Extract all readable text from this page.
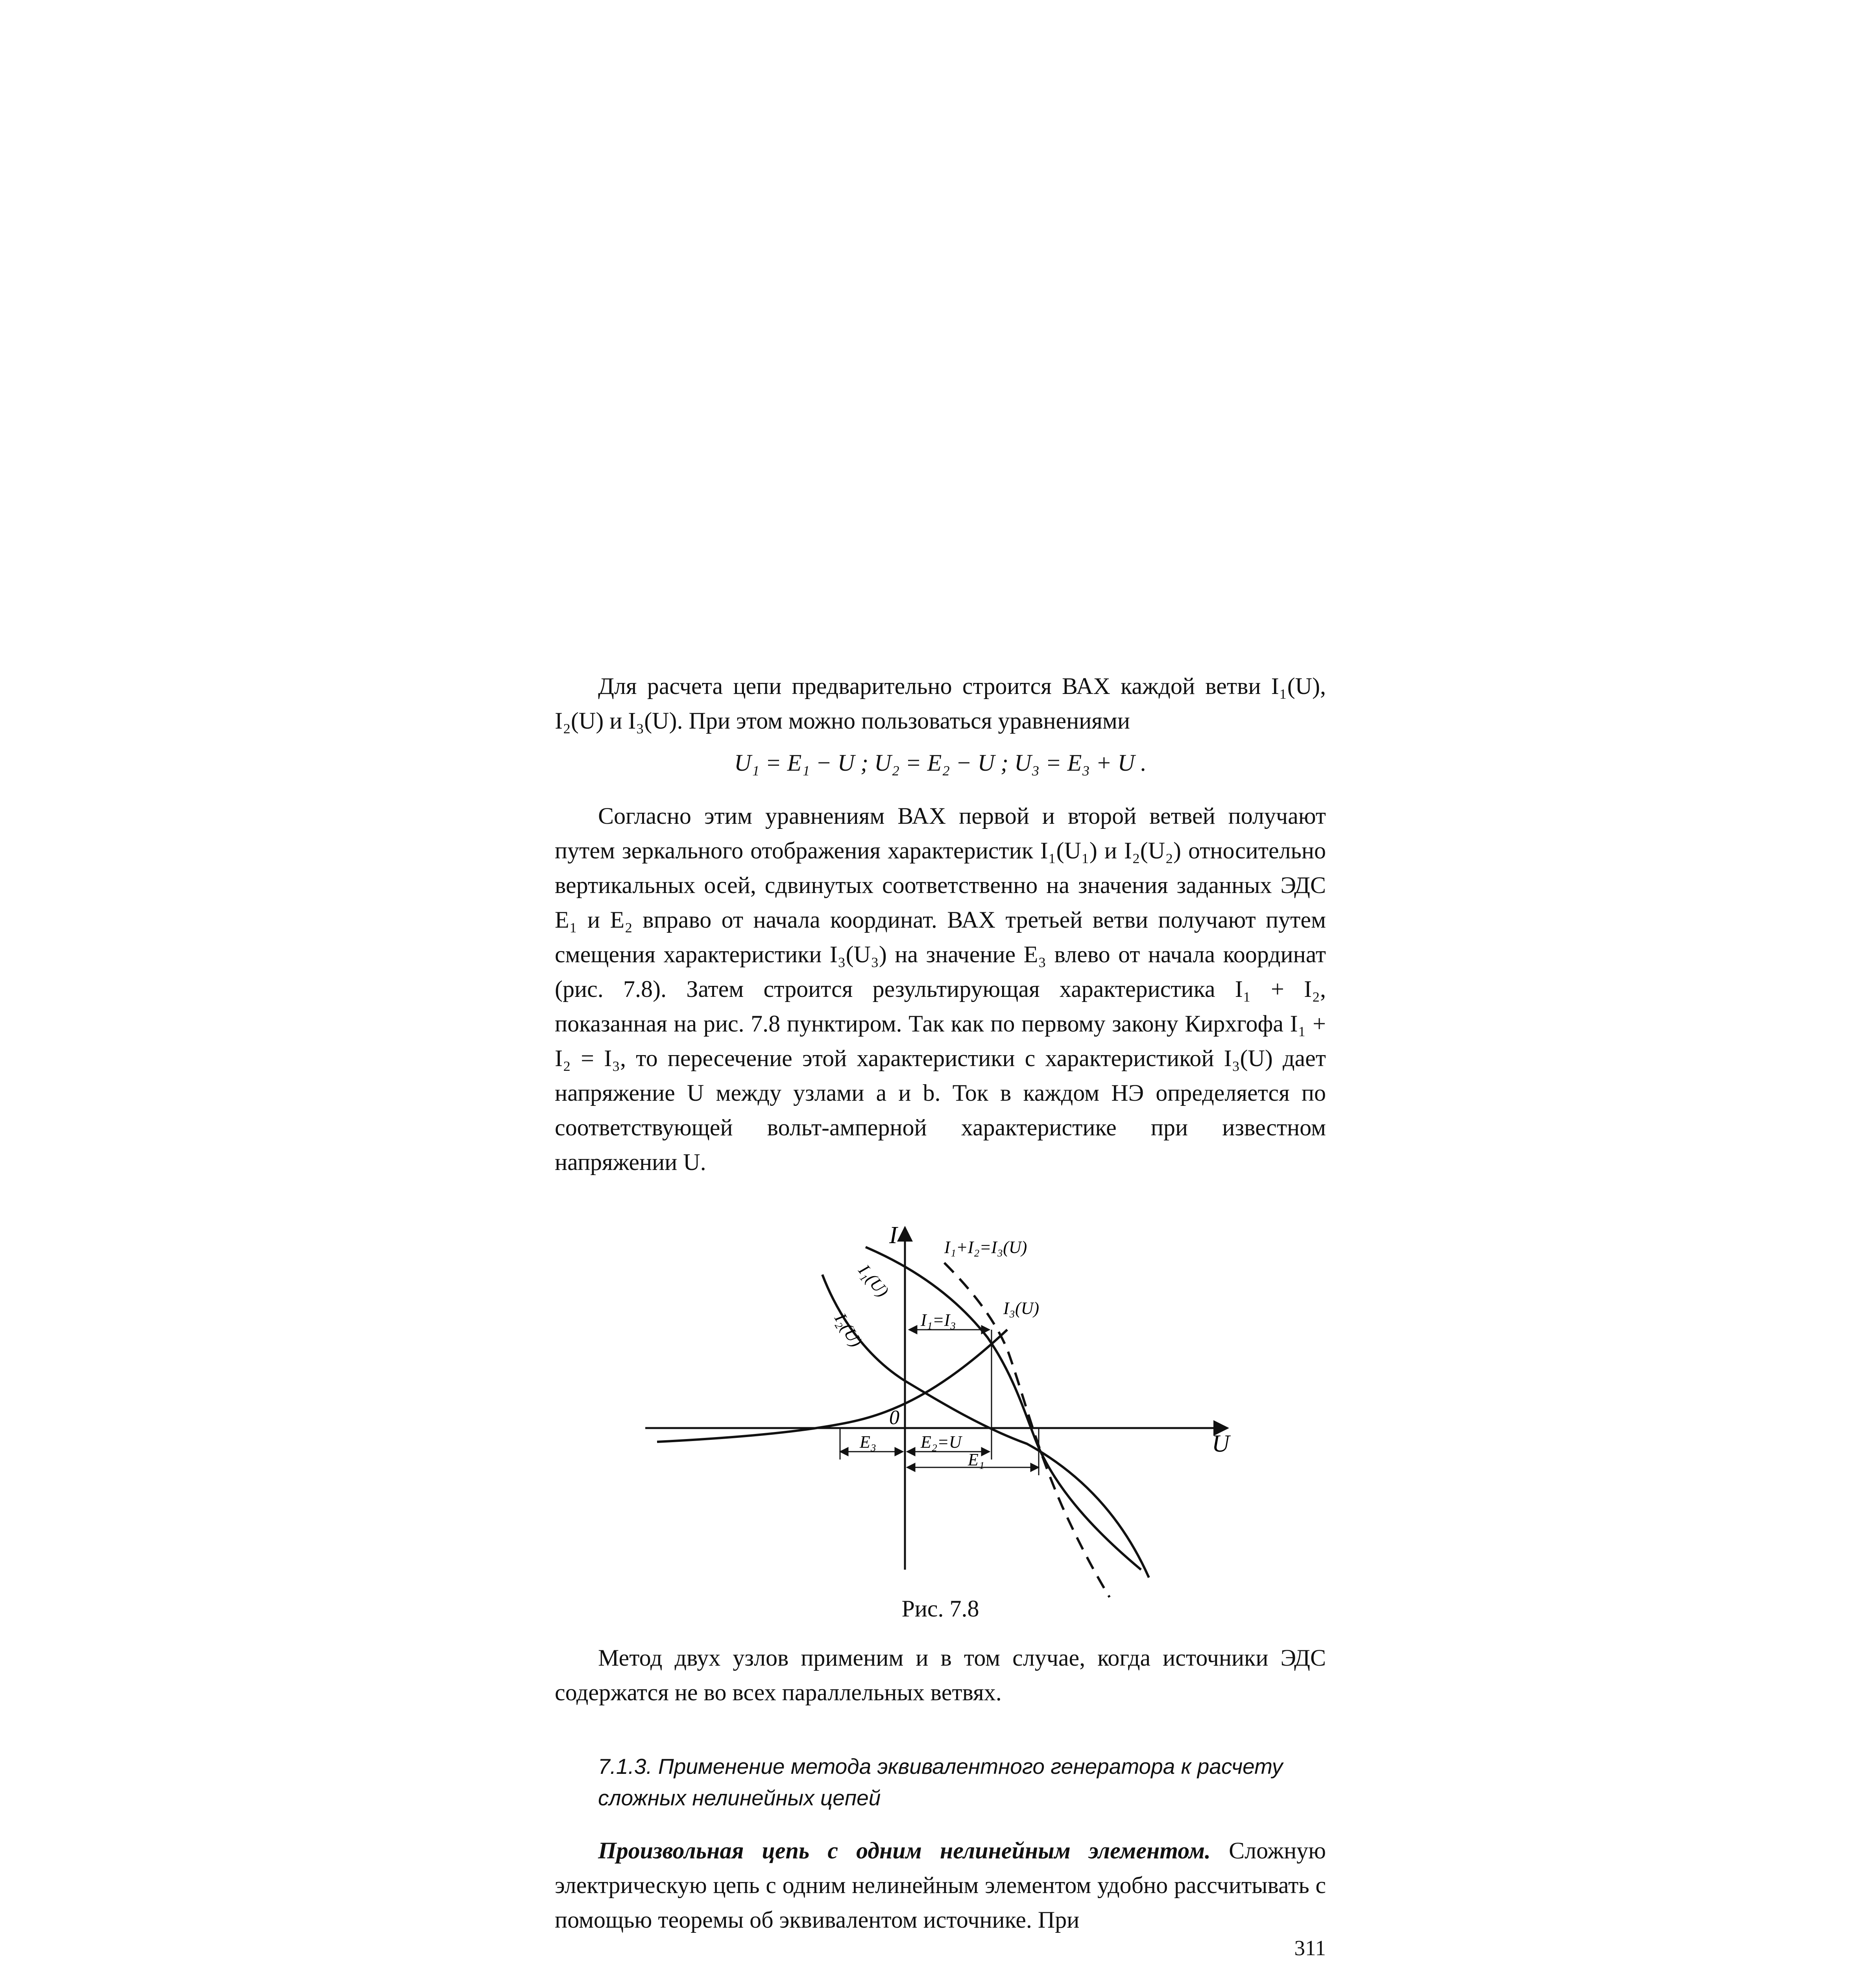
Для расчета цепи предварительно строится ВАХ каждой ветви I₁(U), I₂(U) и I₃(U). При этом можно пользоваться уравнениями

U₁ = E₁ − U ; U₂ = E₂ − U ; U₃ = E₃ + U .

Согласно этим уравнениям ВАХ первой и второй ветвей получают путем зеркального отображения характеристик I₁(U₁) и I₂(U₂) относительно вертикальных осей, сдвинутых соответственно на значения заданных ЭДС E₁ и E₂ вправо от начала координат. ВАХ третьей ветви получают путем смещения характеристики I₃(U₃) на значение E₃ влево от начала координат (рис. 7.8). Затем строится результирующая характеристика I₁ + I₂, показанная на рис. 7.8 пунктиром. Так как по первому закону Кирхгофа I₁ + I₂ = I₃, то пересечение этой характеристики с характеристикой I₃(U) дает напряжение U между узлами a и b. Ток в каждом НЭ определяется по соответствующей вольт-амперной характеристике при известном напряжении U.

I
U
0
I₁+I₂=I₃(U)
I₁(U)
I₂(U)
I₃(U)
I₁=I₃
E₃	E₂=U
E₁
Рис. 7.8

Метод двух узлов применим и в том случае, когда источники ЭДС содержатся не во всех параллельных ветвях.

7.1.3. Применение метода эквивалентного генератора к расчету сложных нелинейных цепей

Произвольная цепь с одним нелинейным элементом. Сложную электрическую цепь с одним нелинейным элементом удобно рассчитывать с помощью теоремы об эквивалентом источнике. При

311
